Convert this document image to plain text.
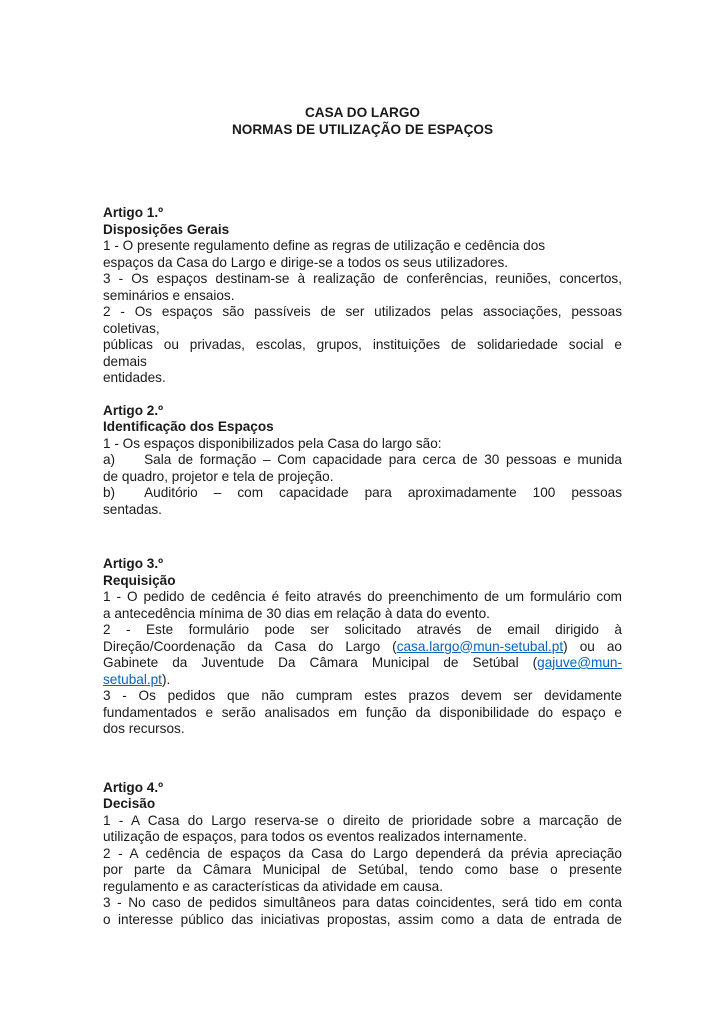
CASA DO LARGO
NORMAS DE UTILIZAÇÃO DE ESPAÇOS
Artigo 1.º
Disposições Gerais
1 - O presente regulamento define as regras de utilização e cedência dos
espaços da Casa do Largo e dirige-se a todos os seus utilizadores.
3 - Os espaços destinam-se à realização de conferências, reuniões, concertos,
seminários e ensaios.
2 - Os espaços são passíveis de ser utilizados pelas associações, pessoas
coletivas,
públicas ou privadas, escolas, grupos, instituições de solidariedade social e
demais
entidades.
Artigo 2.º
Identificação dos Espaços
1 - Os espaços disponibilizados pela Casa do largo são:
a) Sala de formação – Com capacidade para cerca de 30 pessoas e munida
de quadro, projetor e tela de projeção.
b) Auditório – com capacidade para aproximadamente 100 pessoas
sentadas.
Artigo 3.º
Requisição
1 - O pedido de cedência é feito através do preenchimento de um formulário com
a antecedência mínima de 30 dias em relação à data do evento.
2 - Este formulário pode ser solicitado através de email dirigido à
Direção/Coordenação da Casa do Largo (casa.largo@mun-setubal.pt) ou ao
Gabinete da Juventude Da Câmara Municipal de Setúbal (gajuve@mun-
setubal.pt).
3 - Os pedidos que não cumpram estes prazos devem ser devidamente
fundamentados e serão analisados em função da disponibilidade do espaço e
dos recursos.
Artigo 4.º
Decisão
1 - A Casa do Largo reserva-se o direito de prioridade sobre a marcação de
utilização de espaços, para todos os eventos realizados internamente.
2 - A cedência de espaços da Casa do Largo dependerá da prévia apreciação
por parte da Câmara Municipal de Setúbal, tendo como base o presente
regulamento e as características da atividade em causa.
3 - No caso de pedidos simultâneos para datas coincidentes, será tido em conta
o interesse público das iniciativas propostas, assim como a data de entrada de
